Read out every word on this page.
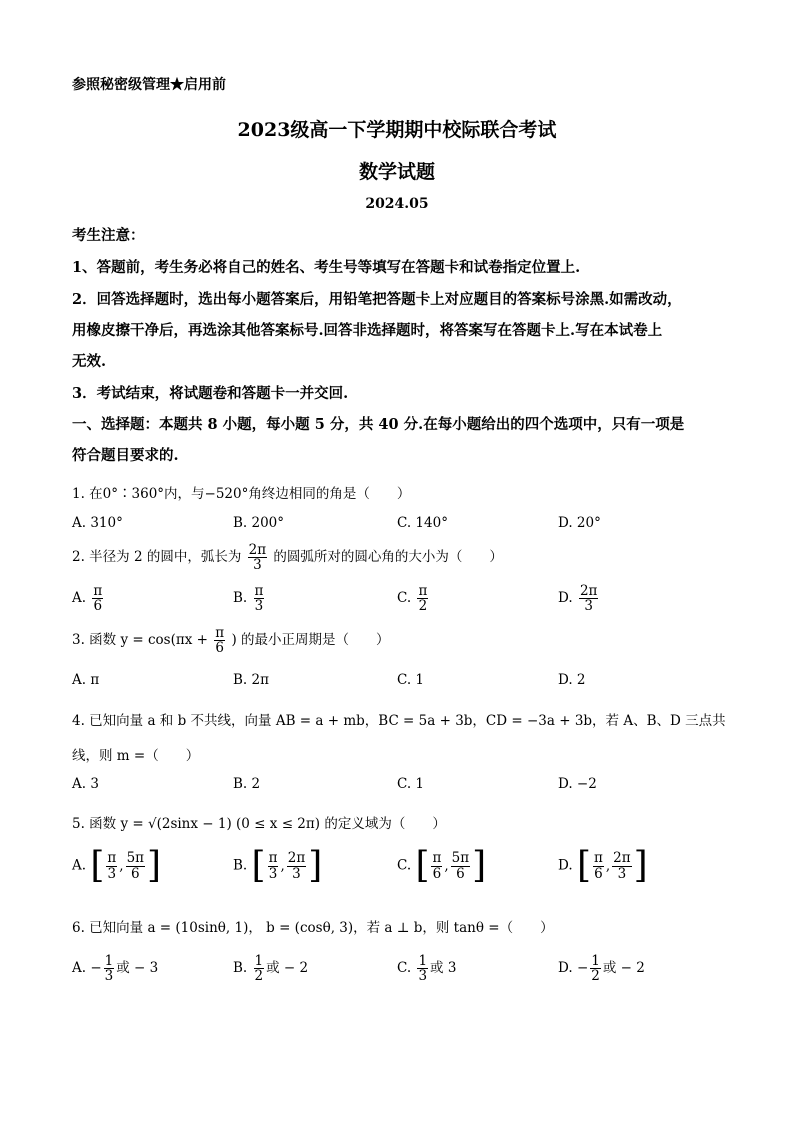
参照秘密级管理★启用前
2023级高一下学期期中校际联合考试
数学试题
2024.05
考生注意：
1、答题前，考生务必将自己的姓名、考生号等填写在答题卡和试卷指定位置上.
2．回答选择题时，选出每小题答案后，用铅笔把答题卡上对应题目的答案标号涂黑.如需改动，
用橡皮擦干净后，再选涂其他答案标号.回答非选择题时，将答案写在答题卡上.写在本试卷上
无效.
3．考试结束，将试题卷和答题卡一并交回.
一、选择题：本题共 8 小题，每小题 5 分，共 40 分.在每小题给出的四个选项中，只有一项是
符合题目要求的.
1. 在0°∶360°内，与−520°角终边相同的角是（　　）
A. 310°	B. 200°	C. 140°	D. 20°
2. 半径为 2 的圆中，弧长为 $\frac{2\pi}{3}$ 的圆弧所对的圆心角的大小为（　　）
A. $\frac{\pi}{6}$	B. $\frac{\pi}{3}$	C. $\frac{\pi}{2}$	D. $\frac{2\pi}{3}$
3. 函数 $y = \cos(\pi x + \frac{\pi}{6}$ ) 的最小正周期是（　　）
A. π	B. 2π	C. 1	D. 2
4. 已知向量 a 和 b 不共线，向量 AB = a + mb，BC = 5a + 3b，CD = −3a + 3b，若 A、B、D 三点共
线，则 m =（　　）
A. 3	B. 2	C. 1	D. −2
5. 函数 y = √(2sinx − 1) (0 ≤ x ≤ 2π) 的定义域为（　　）
A. [ $\frac{\pi}{3}$ , $\frac{5\pi}{6}$ ]	B. [ $\frac{\pi}{3}$ , $\frac{2\pi}{3}$ ]	C. [ $\frac{\pi}{6}$ , $\frac{5\pi}{6}$ ]	D. [ $\frac{\pi}{6}$ , $\frac{2\pi}{3}$ ]
6. 已知向量 a = (10sinθ, 1)， b = (cosθ, 3)，若 a ⊥ b，则 tanθ =（　　）
A. − $\frac{1}{3}$ 或 − 3	B. $\frac{1}{2}$ 或 − 2	C. $\frac{1}{3}$ 或 3	D. − $\frac{1}{2}$ 或 − 2
